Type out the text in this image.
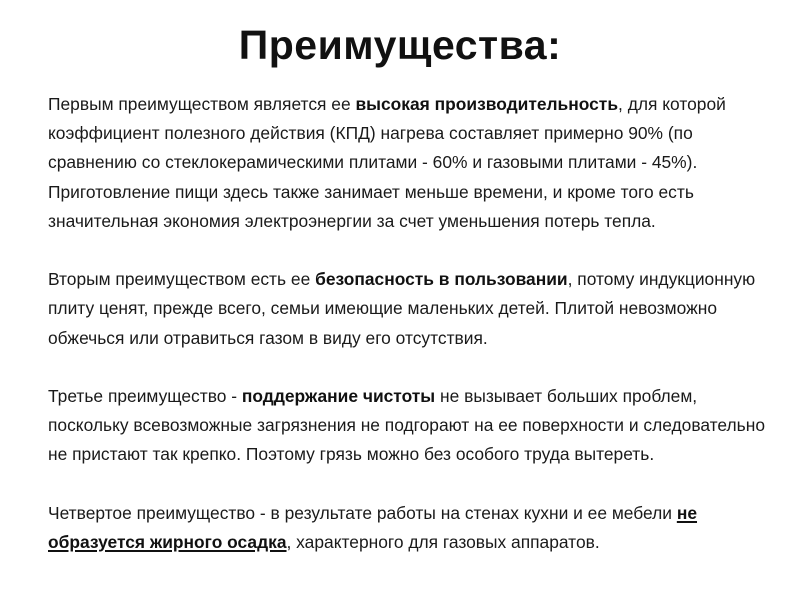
Преимущества:

Первым преимуществом является ее высокая производительность, для которой коэффициент полезного действия (КПД) нагрева составляет примерно 90% (по сравнению со стеклокерамическими плитами - 60% и газовыми плитами - 45%). Приготовление пищи здесь также занимает меньше времени, и кроме того есть значительная экономия электроэнергии за счет уменьшения потерь тепла.

Вторым преимуществом есть ее безопасность в пользовании, потому индукционную плиту ценят, прежде всего, семьи имеющие маленьких детей. Плитой невозможно обжечься или отравиться газом в виду его отсутствия.

Третье преимущество - поддержание чистоты не вызывает больших проблем, поскольку всевозможные загрязнения не подгорают на ее поверхности и следовательно не пристают так крепко. Поэтому грязь можно без особого труда вытереть.

Четвертое преимущество - в результате работы на стенах кухни и ее мебели не образуется жирного осадка, характерного для газовых аппаратов.
